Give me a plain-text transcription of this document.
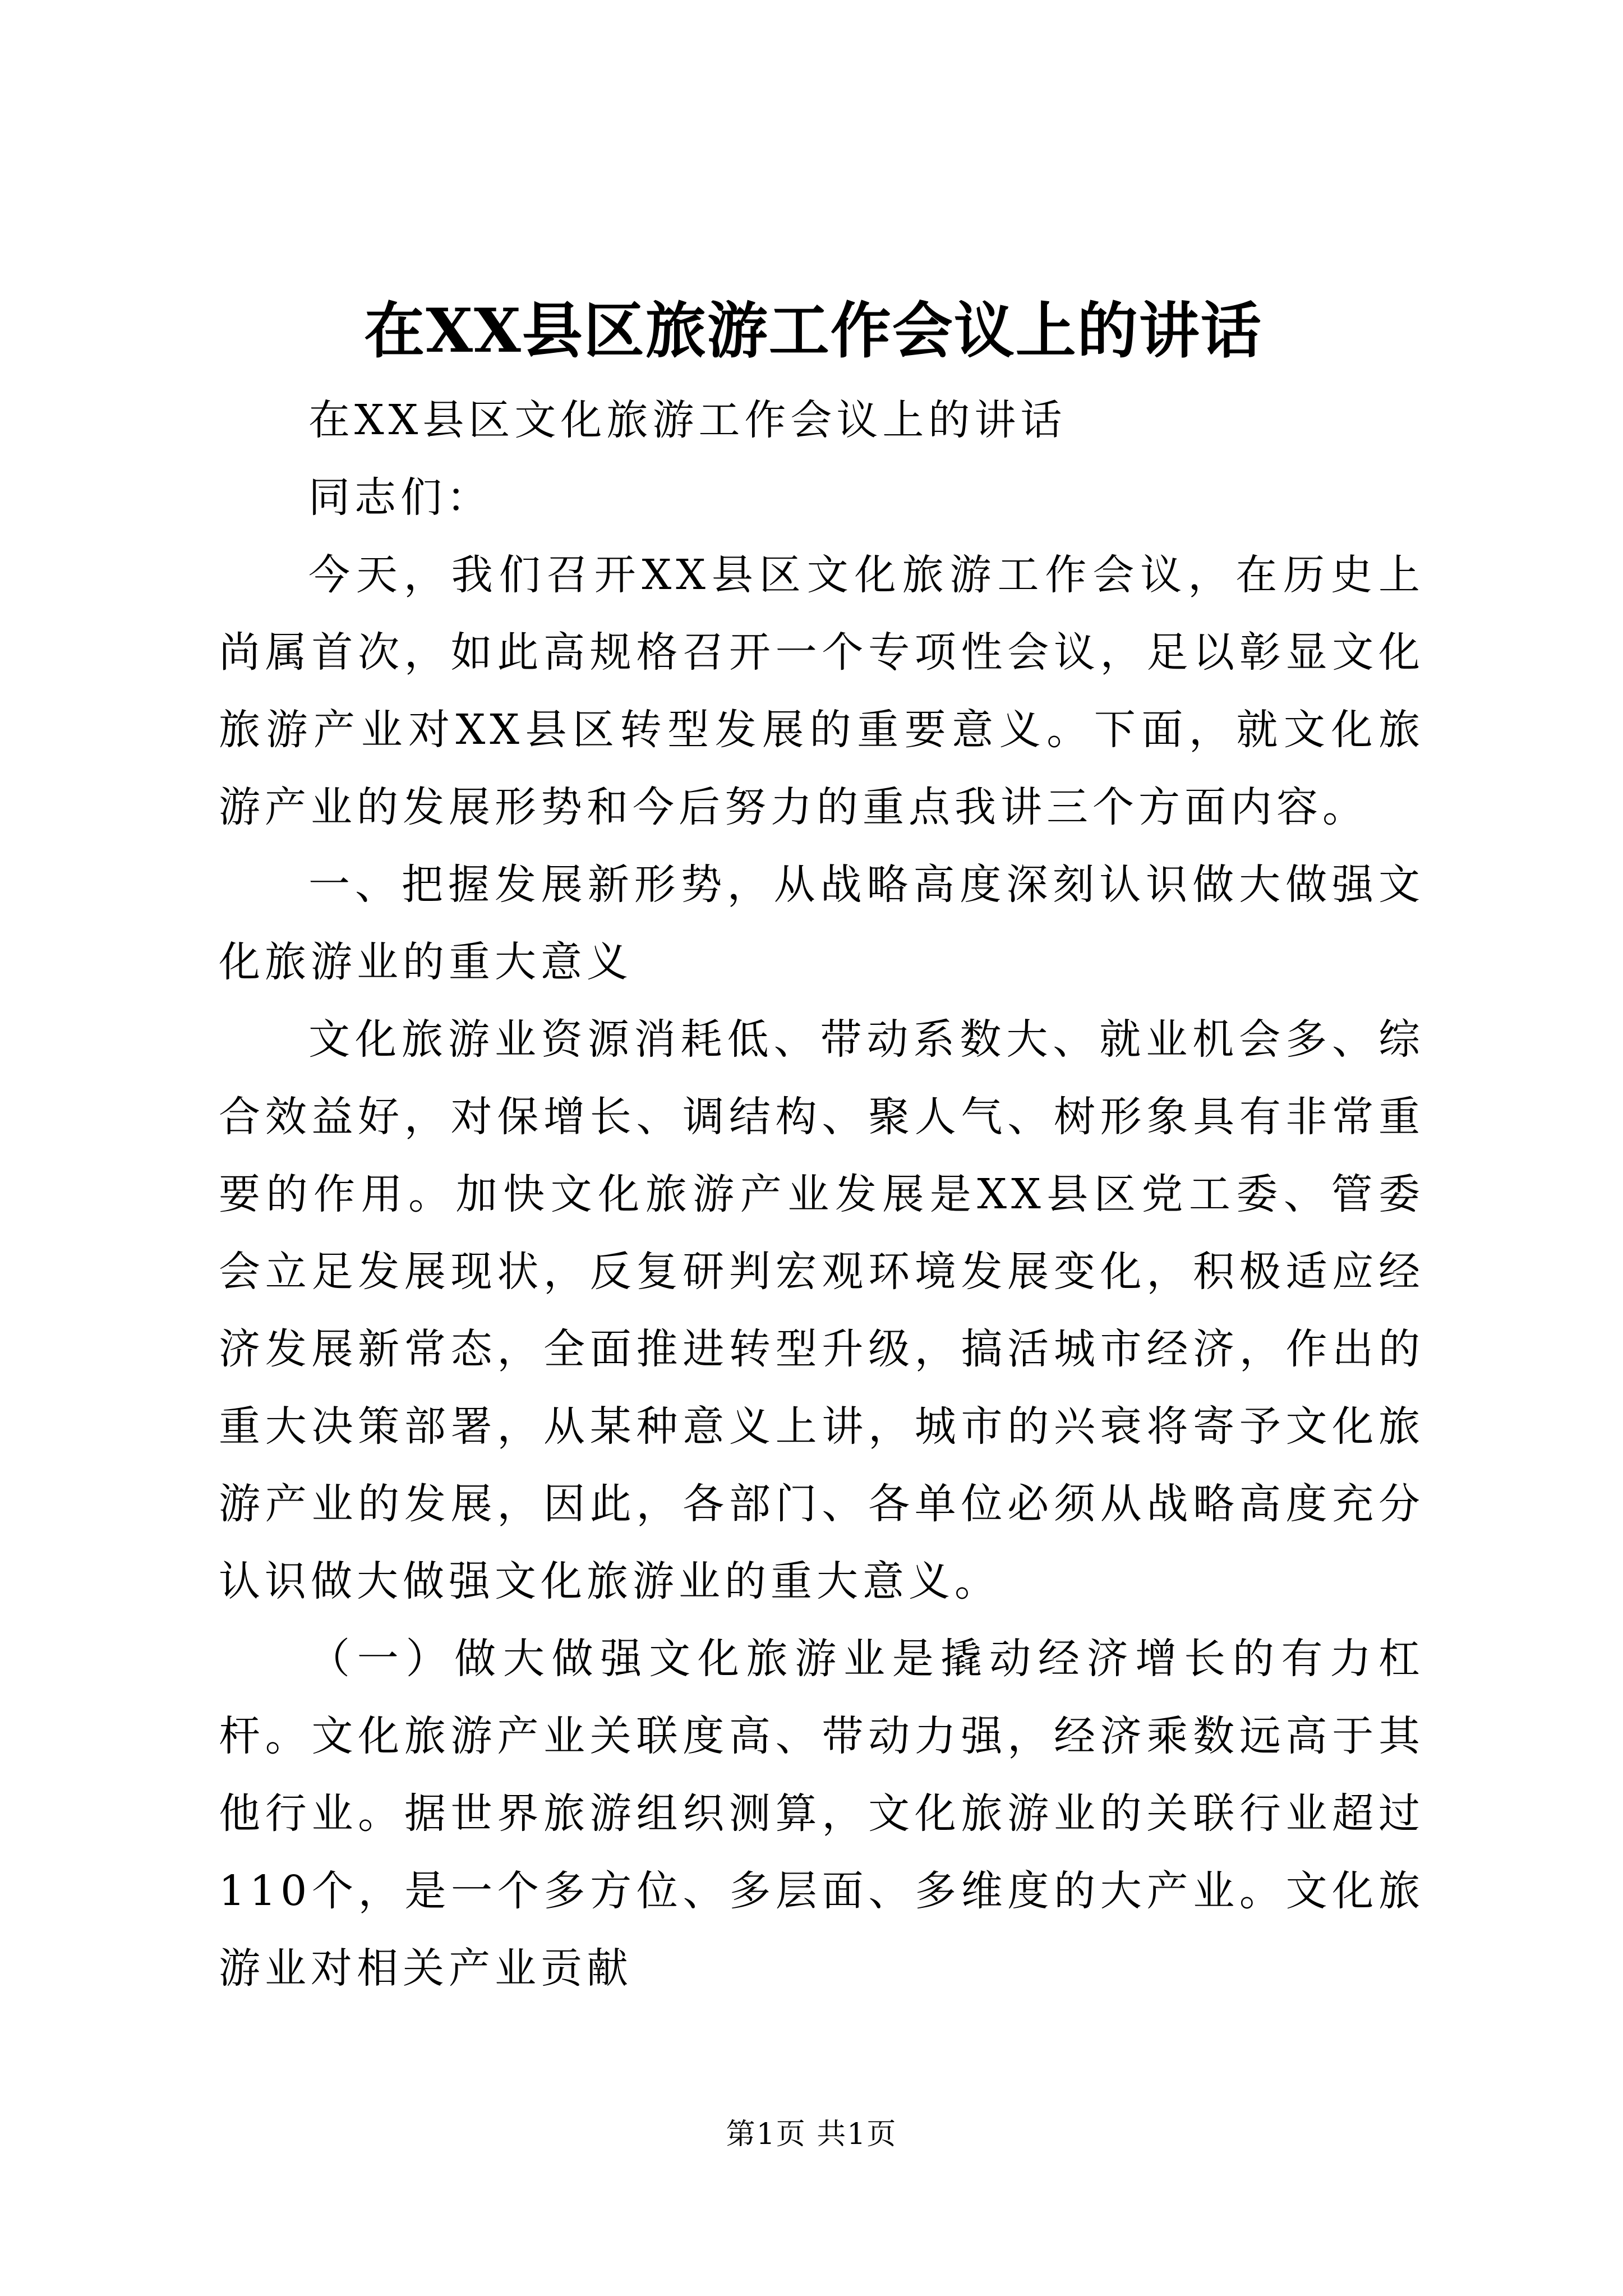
在XX县区旅游工作会议上的讲话

在XX县区文化旅游工作会议上的讲话

同志们：

今天，我们召开XX县区文化旅游工作会议，在历史上尚属首次，如此高规格召开一个专项性会议，足以彰显文化旅游产业对XX县区转型发展的重要意义。下面，就文化旅游产业的发展形势和今后努力的重点我讲三个方面内容。

一、把握发展新形势，从战略高度深刻认识做大做强文化旅游业的重大意义

文化旅游业资源消耗低、带动系数大、就业机会多、综合效益好，对保增长、调结构、聚人气、树形象具有非常重要的作用。加快文化旅游产业发展是XX县区党工委、管委会立足发展现状，反复研判宏观环境发展变化，积极适应经济发展新常态，全面推进转型升级，搞活城市经济，作出的重大决策部署，从某种意义上讲，城市的兴衰将寄予文化旅游产业的发展，因此，各部门、各单位必须从战略高度充分认识做大做强文化旅游业的重大意义。

（一）做大做强文化旅游业是撬动经济增长的有力杠杆。文化旅游产业关联度高、带动力强，经济乘数远高于其他行业。据世界旅游组织测算，文化旅游业的关联行业超过110个，是一个多方位、多层面、多维度的大产业。文化旅游业对相关产业贡献

第1页 共1页
